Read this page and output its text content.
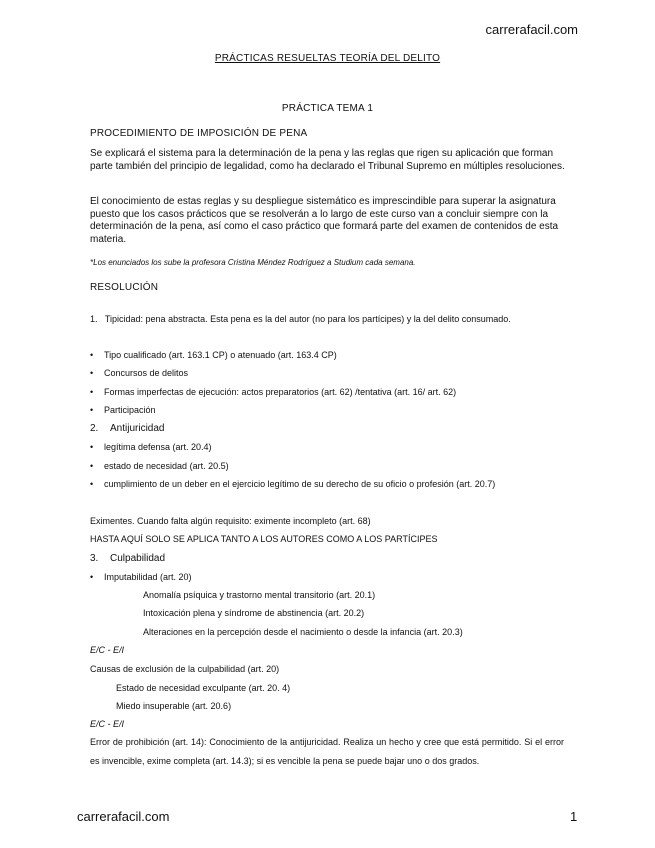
carrerafacil.com
PRÁCTICAS RESUELTAS TEORÍA DEL DELITO
PRÁCTICA TEMA 1
PROCEDIMIENTO DE IMPOSICIÓN DE PENA
Se explicará el sistema para la determinación de la pena y las reglas que rigen su aplicación que forman parte también del principio de legalidad, como ha declarado el Tribunal Supremo en múltiples resoluciones.
El conocimiento de estas reglas y su despliegue sistemático es imprescindible para superar la asignatura puesto que los casos prácticos que se resolverán a lo largo de este curso van a concluir siempre con la determinación de la pena, así como el caso práctico que formará parte del examen de contenidos de esta materia.
*Los enunciados los sube la profesora Cristina Méndez Rodríguez a Studium cada semana.
RESOLUCIÓN
1. Tipicidad: pena abstracta. Esta pena es la del autor (no para los partícipes) y la del delito consumado.
• Tipo cualificado (art. 163.1 CP) o atenuado (art. 163.4 CP)
• Concursos de delitos
• Formas imperfectas de ejecución: actos preparatorios (art. 62) /tentativa (art. 16/ art. 62)
• Participación
2. Antijuricidad
• legítima defensa (art. 20.4)
• estado de necesidad (art. 20.5)
• cumplimiento de un deber en el ejercicio legítimo de su derecho de su oficio o profesión (art. 20.7)
Eximentes. Cuando falta algún requisito: eximente incompleto (art. 68)
HASTA AQUÍ SOLO SE APLICA TANTO A LOS AUTORES COMO A LOS PARTÍCIPES
3. Culpabilidad
• Imputabilidad (art. 20)
Anomalía psíquica y trastorno mental transitorio (art. 20.1)
Intoxicación plena y síndrome de abstinencia (art. 20.2)
Alteraciones en la percepción desde el nacimiento o desde la infancia (art. 20.3)
E/C - E/I
Causas de exclusión de la culpabilidad (art. 20)
Estado de necesidad exculpante (art. 20. 4)
Miedo insuperable (art. 20.6)
E/C - E/I
Error de prohibición (art. 14): Conocimiento de la antijuricidad. Realiza un hecho y cree que está permitido. Si el error es invencible, exime completa (art. 14.3); si es vencible la pena se puede bajar uno o dos grados.
carrerafacil.com	1
